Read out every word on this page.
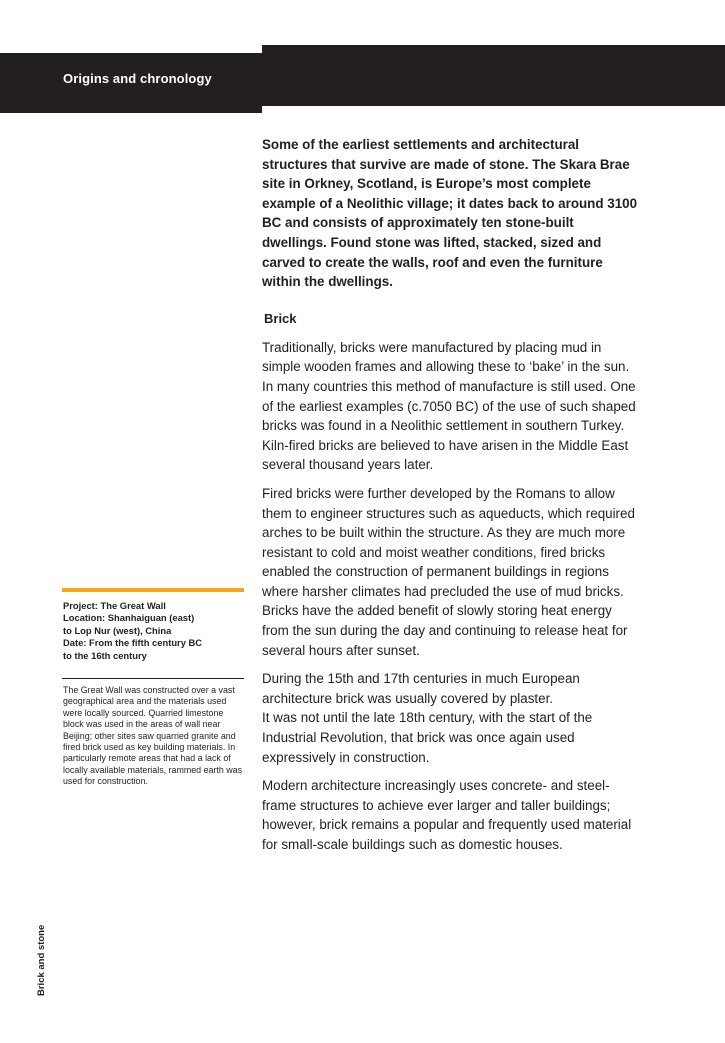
Origins and chronology

Some of the earliest settlements and architectural structures that survive are made of stone. The Skara Brae site in Orkney, Scotland, is Europe’s most complete example of a Neolithic village; it dates back to around 3100 BC and consists of approximately ten stone-built dwellings. Found stone was lifted, stacked, sized and carved to create the walls, roof and even the furniture within the dwellings.

Brick

Traditionally, bricks were manufactured by placing mud in simple wooden frames and allowing these to ‘bake’ in the sun. In many countries this method of manufacture is still used. One of the earliest examples (c.7050 BC) of the use of such shaped bricks was found in a Neolithic settlement in southern Turkey. Kiln-fired bricks are believed to have arisen in the Middle East several thousand years later.

Fired bricks were further developed by the Romans to allow them to engineer structures such as aqueducts, which required arches to be built within the structure. As they are much more resistant to cold and moist weather conditions, fired bricks enabled the construction of permanent buildings in regions where harsher climates had precluded the use of mud bricks. Bricks have the added benefit of slowly storing heat energy from the sun during the day and continuing to release heat for several hours after sunset.

During the 15th and 17th centuries in much European architecture brick was usually covered by plaster.
It was not until the late 18th century, with the start of the Industrial Revolution, that brick was once again used expressively in construction.

Modern architecture increasingly uses concrete- and steel-frame structures to achieve ever larger and taller buildings; however, brick remains a popular and frequently used material for small-scale buildings such as domestic houses.

Project: The Great Wall
Location: Shanhaiguan (east)
to Lop Nur (west), China
Date: From the fifth century BC
to the 16th century
The Great Wall was constructed over a vast geographical area and the materials used were locally sourced. Quarried limestone block was used in the areas of wall near Beijing; other sites saw quarried granite and fired brick used as key building materials. In particularly remote areas that had a lack of locally available materials, rammed earth was used for construction.
Brick and stone
